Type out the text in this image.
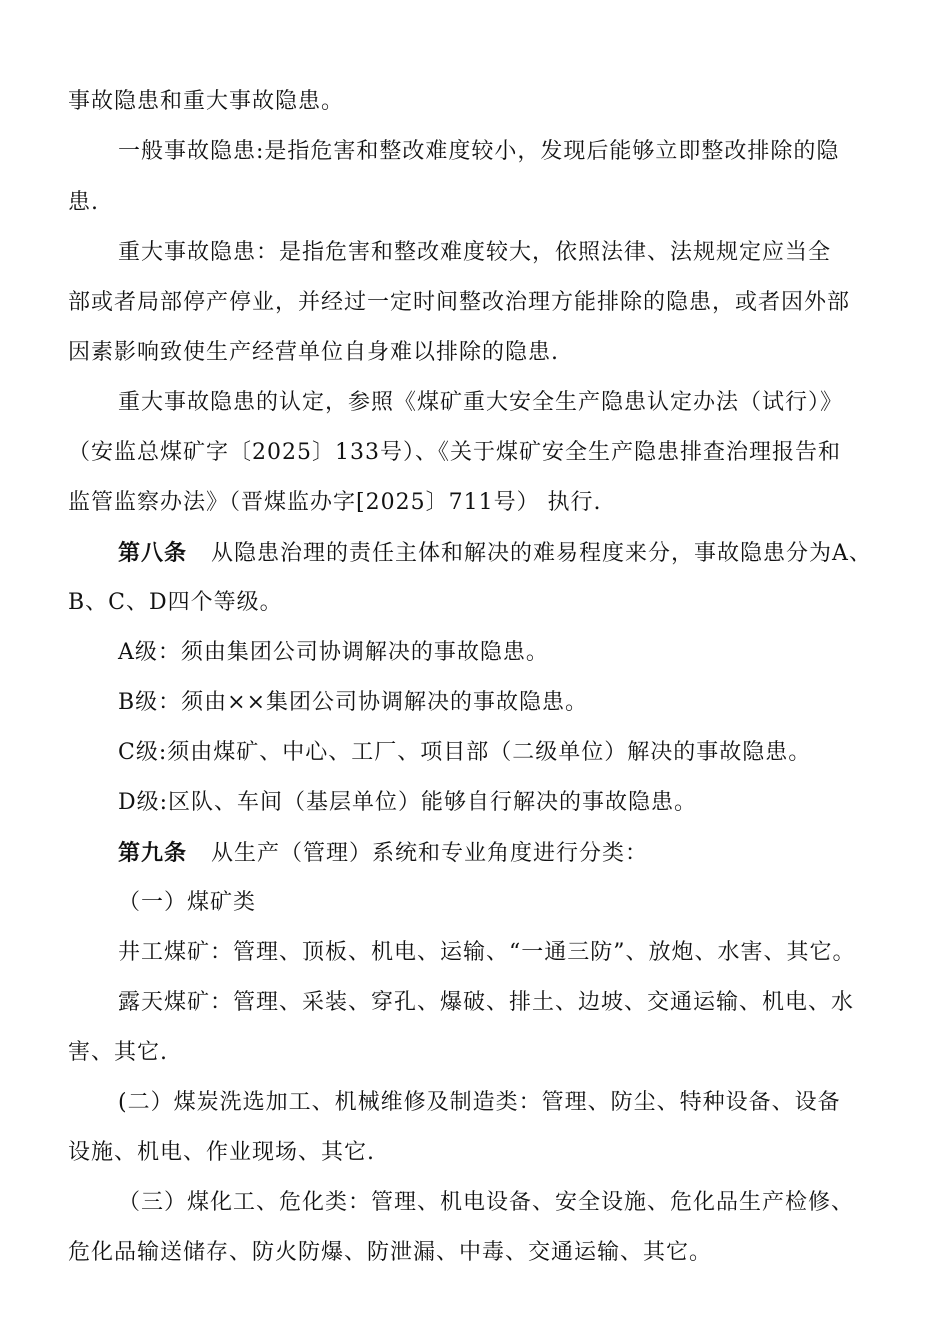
事故隐患和重大事故隐患。
一般事故隐患:是指危害和整改难度较小，发现后能够立即整改排除的隐
患.
重大事故隐患：是指危害和整改难度较大，依照法律、法规规定应当全
部或者局部停产停业，并经过一定时间整改治理方能排除的隐患，或者因外部
因素影响致使生产经营单位自身难以排除的隐患.
重大事故隐患的认定，参照《煤矿重大安全生产隐患认定办法（试行）》
（安监总煤矿字〔2025〕133号）、《关于煤矿安全生产隐患排查治理报告和
监管监察办法》（晋煤监办字[2025〕711号） 执行.
第八条 从隐患治理的责任主体和解决的难易程度来分，事故隐患分为A、
B、C、D四个等级。
A级：须由集团公司协调解决的事故隐患。
B级：须由××集团公司协调解决的事故隐患。
C级:须由煤矿、中心、工厂、项目部（二级单位）解决的事故隐患。
D级:区队、车间（基层单位）能够自行解决的事故隐患。
第九条 从生产（管理）系统和专业角度进行分类：
（一）煤矿类
井工煤矿：管理、顶板、机电、运输、“一通三防”、放炮、水害、其它。
露天煤矿：管理、采装、穿孔、爆破、排土、边坡、交通运输、机电、水
害、其它.
(二）煤炭洗选加工、机械维修及制造类：管理、防尘、特种设备、设备
设施、机电、作业现场、其它.
（三）煤化工、危化类：管理、机电设备、安全设施、危化品生产检修、
危化品输送储存、防火防爆、防泄漏、中毒、交通运输、其它。
